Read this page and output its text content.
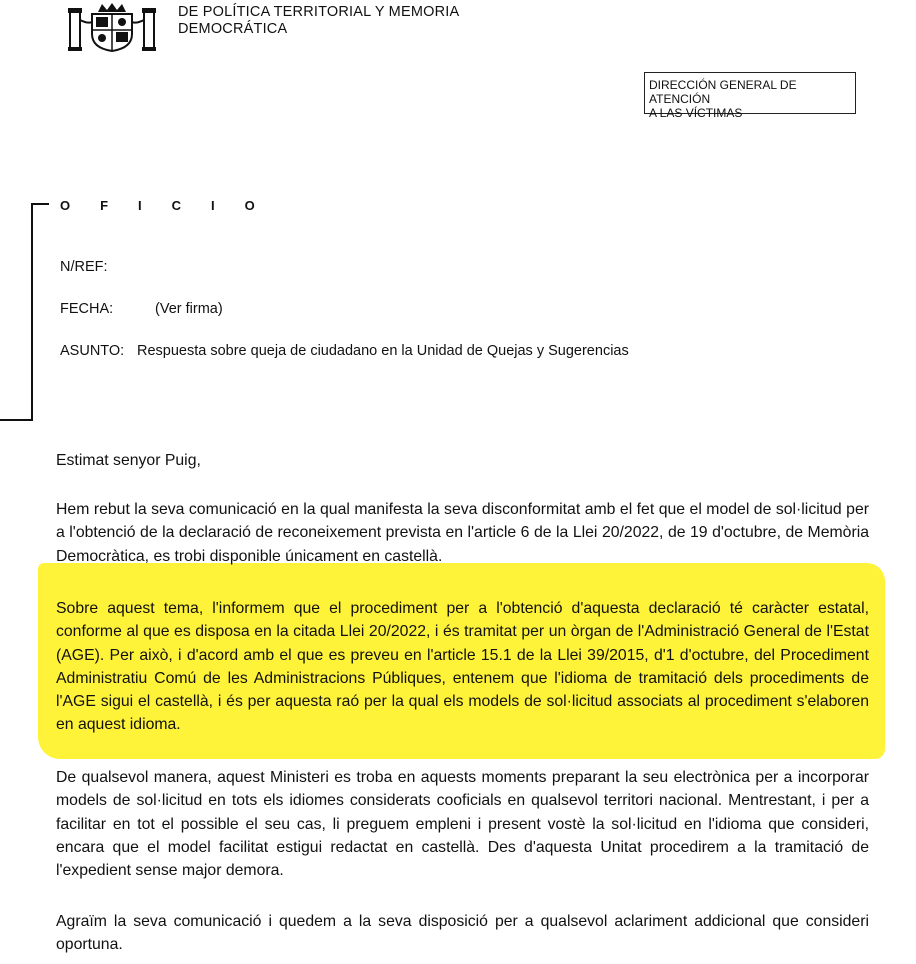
DE POLÍTICA TERRITORIAL Y MEMORIA
DEMOCRÁTICA
DIRECCIÓN GENERAL DE ATENCIÓN
A LAS VÍCTIMAS
OFICIO
N/REF:
FECHA:	(Ver firma)
ASUNTO: Respuesta sobre queja de ciudadano en la Unidad de Quejas y Sugerencias
Estimat senyor Puig,

Hem rebut la seva comunicació en la qual manifesta la seva disconformitat amb el fet que el model de sol·licitud per a l'obtenció de la declaració de reconeixement prevista en l'article 6 de la Llei 20/2022, de 19 d'octubre, de Memòria Democràtica, es trobi disponible únicament en castellà.

Sobre aquest tema, l'informem que el procediment per a l'obtenció d'aquesta declaració té caràcter estatal, conforme al que es disposa en la citada Llei 20/2022, i és tramitat per un òrgan de l'Administració General de l'Estat (AGE). Per això, i d'acord amb el que es preveu en l'article 15.1 de la Llei 39/2015, d'1 d'octubre, del Procediment Administratiu Comú de les Administracions Públiques, entenem que l'idioma de tramitació dels procediments de l'AGE sigui el castellà, i és per aquesta raó per la qual els models de sol·licitud associats al procediment s'elaboren en aquest idioma.

De qualsevol manera, aquest Ministeri es troba en aquests moments preparant la seu electrònica per a incorporar models de sol·licitud en tots els idiomes considerats cooficials en qualsevol territori nacional. Mentrestant, i per a facilitar en tot el possible el seu cas, li preguem empleni i present vostè la sol·licitud en l'idioma que consideri, encara que el model facilitat estigui redactat en castellà. Des d'aquesta Unitat procedirem a la tramitació de l'expedient sense major demora.

Agraïm la seva comunicació i quedem a la seva disposició per a qualsevol aclariment addicional que consideri oportuna.
